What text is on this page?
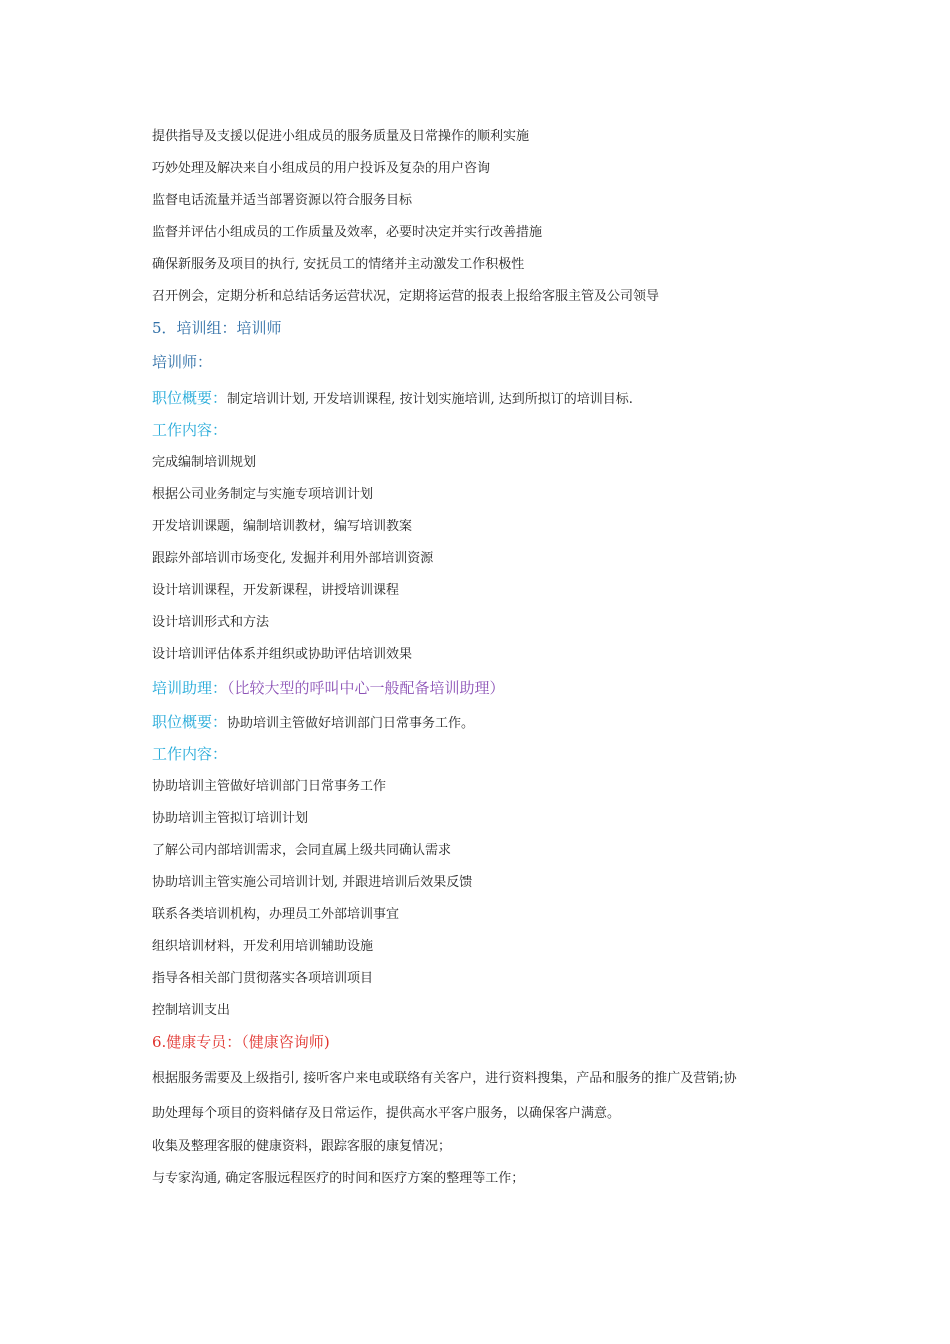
提供指导及支援以促进小组成员的服务质量及日常操作的顺利实施
巧妙处理及解决来自小组成员的用户投诉及复杂的用户咨询
监督电话流量并适当部署资源以符合服务目标
监督并评估小组成员的工作质量及效率，必要时决定并实行改善措施
确保新服务及项目的执行, 安抚员工的情绪并主动激发工作积极性
召开例会，定期分析和总结话务运营状况，定期将运营的报表上报给客服主管及公司领导
5．培训组：培训师
培训师：
职位概要：制定培训计划, 开发培训课程, 按计划实施培训, 达到所拟订的培训目标.
工作内容：
完成编制培训规划
根据公司业务制定与实施专项培训计划
开发培训课题，编制培训教材，编写培训教案
跟踪外部培训市场变化, 发掘并利用外部培训资源
设计培训课程，开发新课程，讲授培训课程
设计培训形式和方法
设计培训评估体系并组织或协助评估培训效果
培训助理：（比较大型的呼叫中心一般配备培训助理）
职位概要：协助培训主管做好培训部门日常事务工作。
工作内容：
协助培训主管做好培训部门日常事务工作
协助培训主管拟订培训计划
了解公司内部培训需求，会同直属上级共同确认需求
协助培训主管实施公司培训计划, 并跟进培训后效果反馈
联系各类培训机构，办理员工外部培训事宜
组织培训材料，开发利用培训辅助设施
指导各相关部门贯彻落实各项培训项目
控制培训支出
6.健康专员：（健康咨询师)
根据服务需要及上级指引, 接听客户来电或联络有关客户，进行资料搜集，产品和服务的推广及营销;协
助处理每个项目的资料储存及日常运作，提供高水平客户服务，以确保客户满意。
收集及整理客服的健康资料，跟踪客服的康复情况；
与专家沟通, 确定客服远程医疗的时间和医疗方案的整理等工作；
